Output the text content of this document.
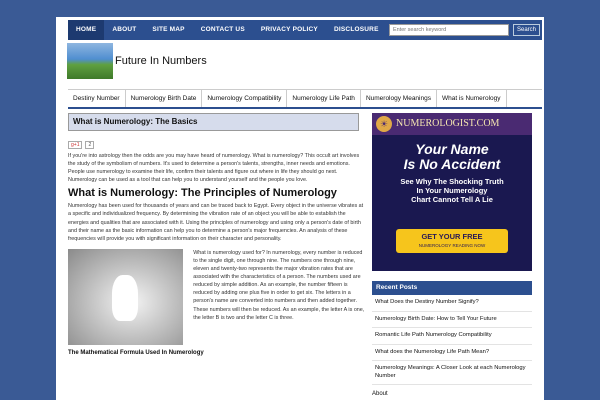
HOME	ABOUT	SITE MAP	CONTACT US	PRIVACY POLICY	DISCLOSURE
Enter search keyword	Search
Future In Numbers
Destiny Number	Numerology Birth Date	Numerology Compatibility	Numerology Life Path	Numerology Meanings	What is Numerology
What is Numerology: The Basics
g+1	2

If you're into astrology then the odds are you may have heard of numerology. What is numerology? This occult art involves the study of the symbolism of numbers. It's used to determine a person's talents, strengths, inner needs and emotions. People use numerology to examine their life, confirm their talents and figure out where in life they should go next. Numerology can be used as a tool that can help you to understand yourself and the people you love.

What is Numerology: The Principles of Numerology

Numerology has been used for thousands of years and can be traced back to Egypt. Every object in the universe vibrates at a specific and individualized frequency. By determining the vibration rate of an object you will be able to establish the energies and qualities that are associated with it. Using the principles of numerology and using only a person's date of birth and their name as the basic information can help you to determine a person's major frequencies. An analysis of these frequencies will provide you with significant information on their character and personality.

What is numerology used for? In numerology, every number is reduced to the single digit, one through nine. The numbers one through nine, eleven and twenty-two represents the major vibration rates that are associated with the characteristics of a person. The numbers used are reduced by simple addition. As an example, the number fifteen is reduced by adding one plus five in order to get six. The letters in a person's name are converted into numbers and then added together. These numbers will then be reduced. As an example, the letter A is one, the letter B is two and the letter C is three.
The Mathematical Formula Used In Numerology
☀ NUMEROLOGIST.COM
Your Name
Is No Accident
See Why The Shocking Truth
In Your Numerology
Chart Cannot Tell A Lie
GET YOUR FREE
NUMEROLOGY READING NOW
Recent Posts
What Does the Destiny Number Signify?
Numerology Birth Date: How to Tell Your Future
Romantic Life Path Numerology Compatibility
What does the Numerology Life Path Mean?
Numerology Meanings: A Closer Look at each Numerology Number
About
